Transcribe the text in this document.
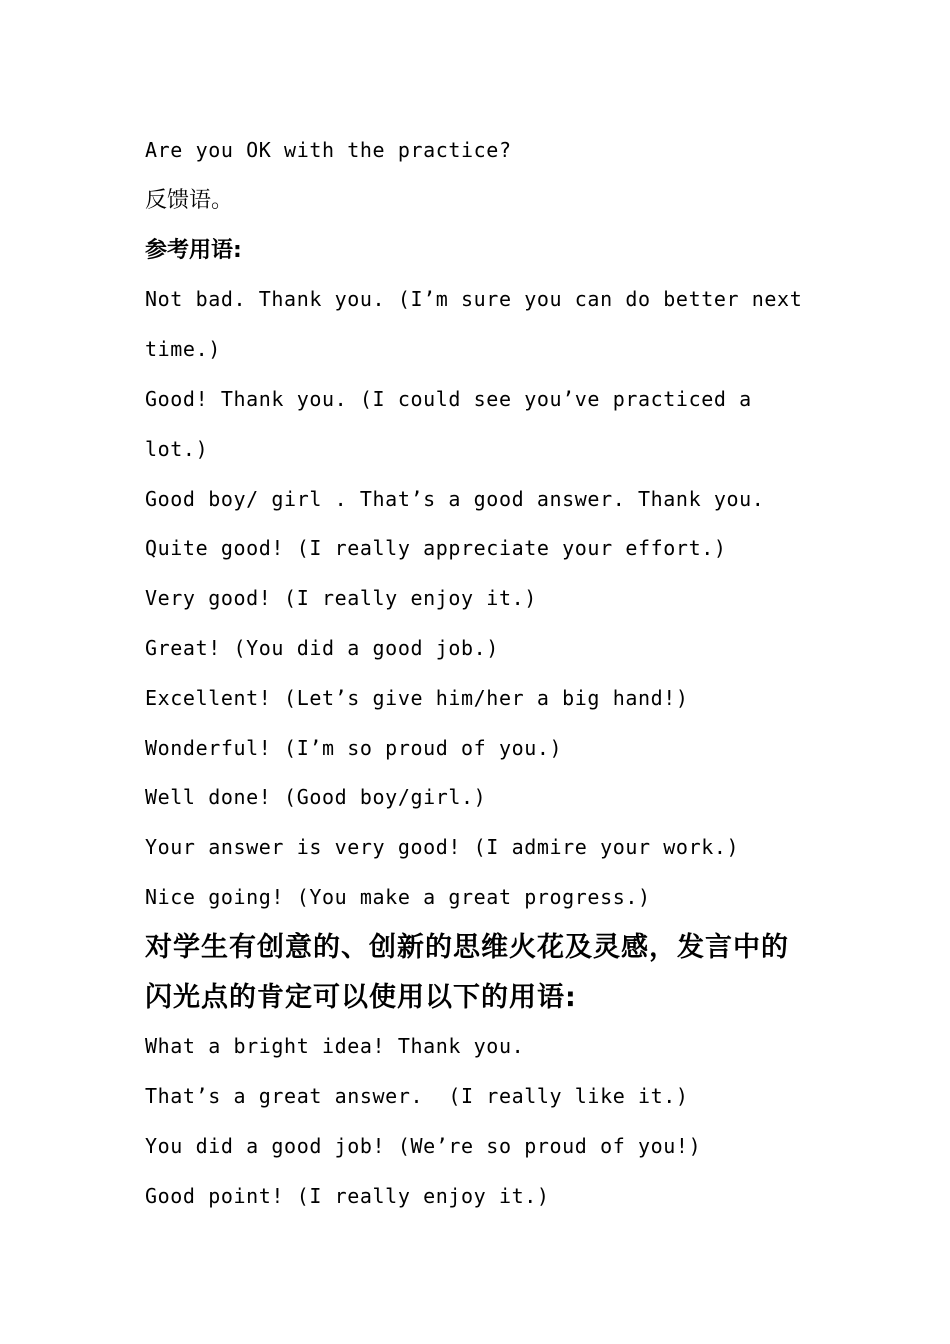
Are you OK with the practice?
反馈语。
参考用语:
Not bad. Thank you. (I’m sure you can do better next
time.)
Good! Thank you. (I could see you’ve practiced a
lot.)
Good boy/ girl . That’s a good answer. Thank you.
Quite good! (I really appreciate your effort.)
Very good! (I really enjoy it.)
Great! (You did a good job.)
Excellent! (Let’s give him/her a big hand!)
Wonderful! (I’m so proud of you.)
Well done! (Good boy/girl.)
Your answer is very good! (I admire your work.)
Nice going! (You make a great progress.)
对学生有创意的、创新的思维火花及灵感，发言中的
闪光点的肯定可以使用以下的用语:
What a bright idea! Thank you.
That’s a great answer.  (I really like it.)
You did a good job! (We’re so proud of you!)
Good point! (I really enjoy it.)
